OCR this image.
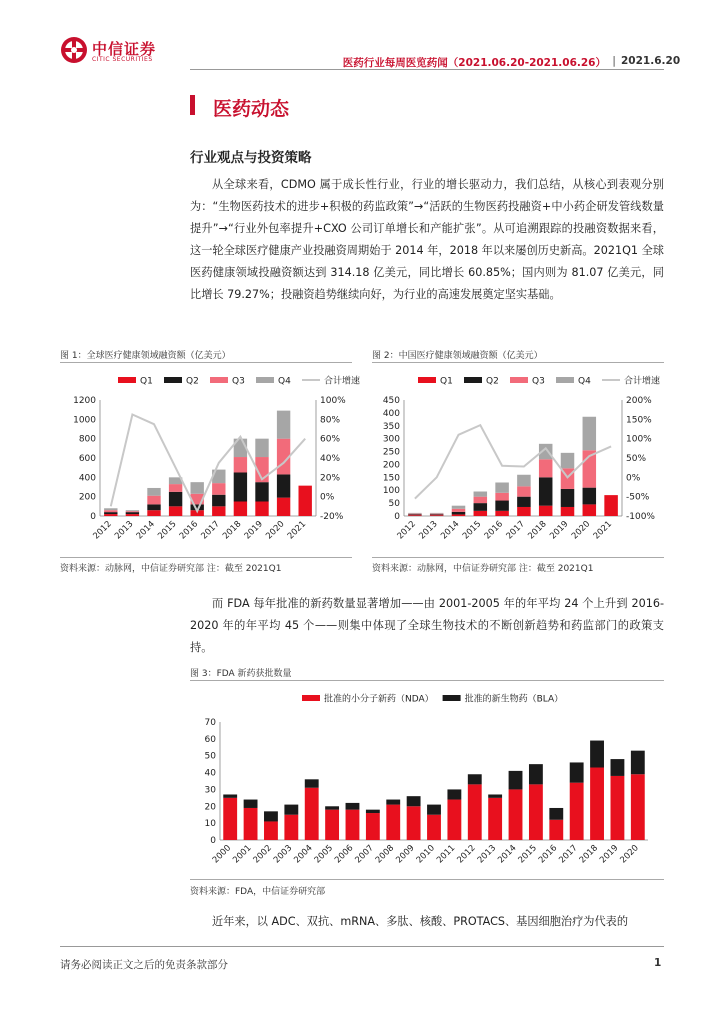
中信证券
CITIC SECURITIES	医药行业每周医览药闻（2021.06.20-2021.06.26） | 2021.6.20
医药动态
行业观点与投资策略

从全球来看，CDMO 属于成长性行业，行业的增长驱动力，我们总结，从核心到表观分别为：“生物医药技术的进步+积极的药监政策”→“活跃的生物医药投融资+中小药企研发管线数量提升”→“行业外包率提升+CXO 公司订单增长和产能扩张”。从可追溯跟踪的投融资数据来看，这一轮全球医疗健康产业投融资周期始于 2014 年，2018 年以来屡创历史新高。2021Q1 全球医药健康领域投融资额达到 314.18 亿美元，同比增长 60.85%；国内则为 81.07 亿美元，同比增长 79.27%；投融资趋势继续向好，为行业的高速发展奠定坚实基础。

图 1：全球医疗健康领域融资额（亿美元）
Q1	Q2	Q3	Q4	合计增速
0
200
400
600
800
1000
1200
-20%
0%
20%
40%
60%
80%
100%
2012 2013 2014 2015 2016 2017 2018 2019 2020 2021
资料来源：动脉网，中信证券研究部 注：截至 2021Q1
图 2：中国医疗健康领域融资额（亿美元）
Q1	Q2	Q3	Q4	合计增速
0
50
100
150
200
250
300
350
400
450
-100%
-50%
0%
50%
100%
150%
200%
2012 2013 2014 2015 2016 2017 2018 2019 2020 2021
资料来源：动脉网，中信证券研究部 注：截至 2021Q1

而 FDA 每年批准的新药数量显著增加——由 2001-2005 年的年平均 24 个上升到 2016-2020 年的年平均 45 个——则集中体现了全球生物技术的不断创新趋势和药监部门的政策支持。

图 3：FDA 新药获批数量
批准的小分子新药（NDA）	批准的新生物药（BLA）
0
10
20
30
40
50
60
70
2000
2001
2002
2003
2004
2005
2006
2007
2008
2009
2010
2011
2012
2013
2014
2015
2016
2017
2018
2019
2020
资料来源：FDA，中信证券研究部

近年来，以 ADC、双抗、mRNA、多肽、核酸、PROTACS、基因细胞治疗为代表的

请务必阅读正文之后的免责条款部分	1
